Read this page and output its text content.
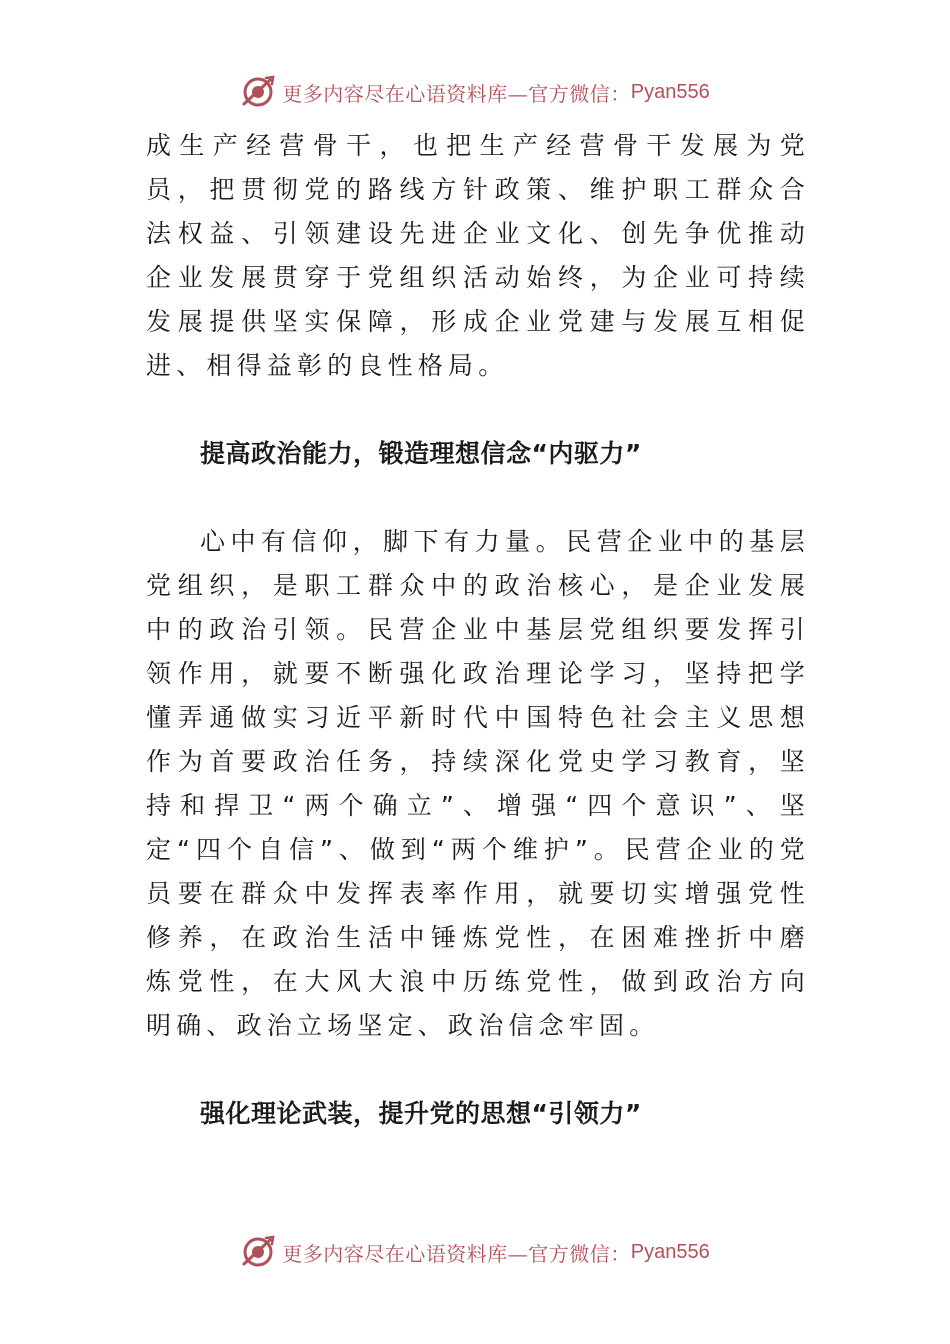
更多内容尽在心语资料库—官方微信： Pyan556

成生产经营骨干，也把生产经营骨干发展为党员，把贯彻党的路线方针政策、维护职工群众合法权益、引领建设先进企业文化、创先争优推动企业发展贯穿于党组织活动始终，为企业可持续发展提供坚实保障，形成企业党建与发展互相促进、相得益彰的良性格局。

提高政治能力，锻造理想信念“内驱力”

心中有信仰，脚下有力量。民营企业中的基层党组织，是职工群众中的政治核心，是企业发展中的政治引领。民营企业中基层党组织要发挥引领作用，就要不断强化政治理论学习，坚持把学懂弄通做实习近平新时代中国特色社会主义思想作为首要政治任务，持续深化党史学习教育，坚持和捍卫“两个确立”、增强“四个意识”、坚定“四个自信”、做到“两个维护”。民营企业的党员要在群众中发挥表率作用，就要切实增强党性修养，在政治生活中锤炼党性，在困难挫折中磨炼党性，在大风大浪中历练党性，做到政治方向明确、政治立场坚定、政治信念牢固。

强化理论武装，提升党的思想“引领力”

更多内容尽在心语资料库—官方微信： Pyan556
